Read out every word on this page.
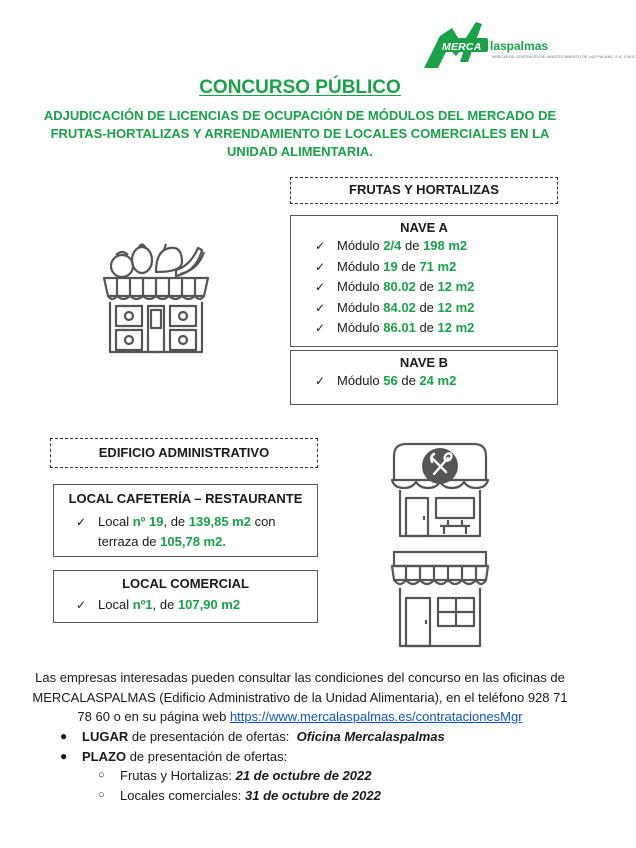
MERCA laspalmas
MERCADOS CENTRALES DE ABASTECIMIENTO DE LAS PALMAS, S.A. S.M.E.
CONCURSO PÚBLICO
ADJUDICACIÓN DE LICENCIAS DE OCUPACIÓN DE MÓDULOS DEL MERCADO DE FRUTAS-HORTALIZAS Y ARRENDAMIENTO DE LOCALES COMERCIALES EN LA UNIDAD ALIMENTARIA.
FRUTAS Y HORTALIZAS
NAVE A
✓ Módulo 2/4 de 198 m2
✓ Módulo 19 de 71 m2
✓ Módulo 80.02 de 12 m2
✓ Módulo 84.02 de 12 m2
✓ Módulo 86.01 de 12 m2
NAVE B
✓ Módulo 56 de 24 m2
EDIFICIO ADMINISTRATIVO
LOCAL CAFETERÍA – RESTAURANTE
✓ Local nº 19, de 139,85 m2 con
terraza de 105,78 m2.
LOCAL COMERCIAL
✓ Local nº1, de 107,90 m2
Las empresas interesadas pueden consultar las condiciones del concurso en las oficinas de MERCALASPALMAS (Edificio Administrativo de la Unidad Alimentaria), en el teléfono 928 71 78 60 o en su página web https://www.mercalaspalmas.es/contratacionesMgr
●	LUGAR de presentación de ofertas: Oficina Mercalaspalmas
●	PLAZO de presentación de ofertas:
○	Frutas y Hortalizas: 21 de octubre de 2022
○	Locales comerciales: 31 de octubre de 2022
